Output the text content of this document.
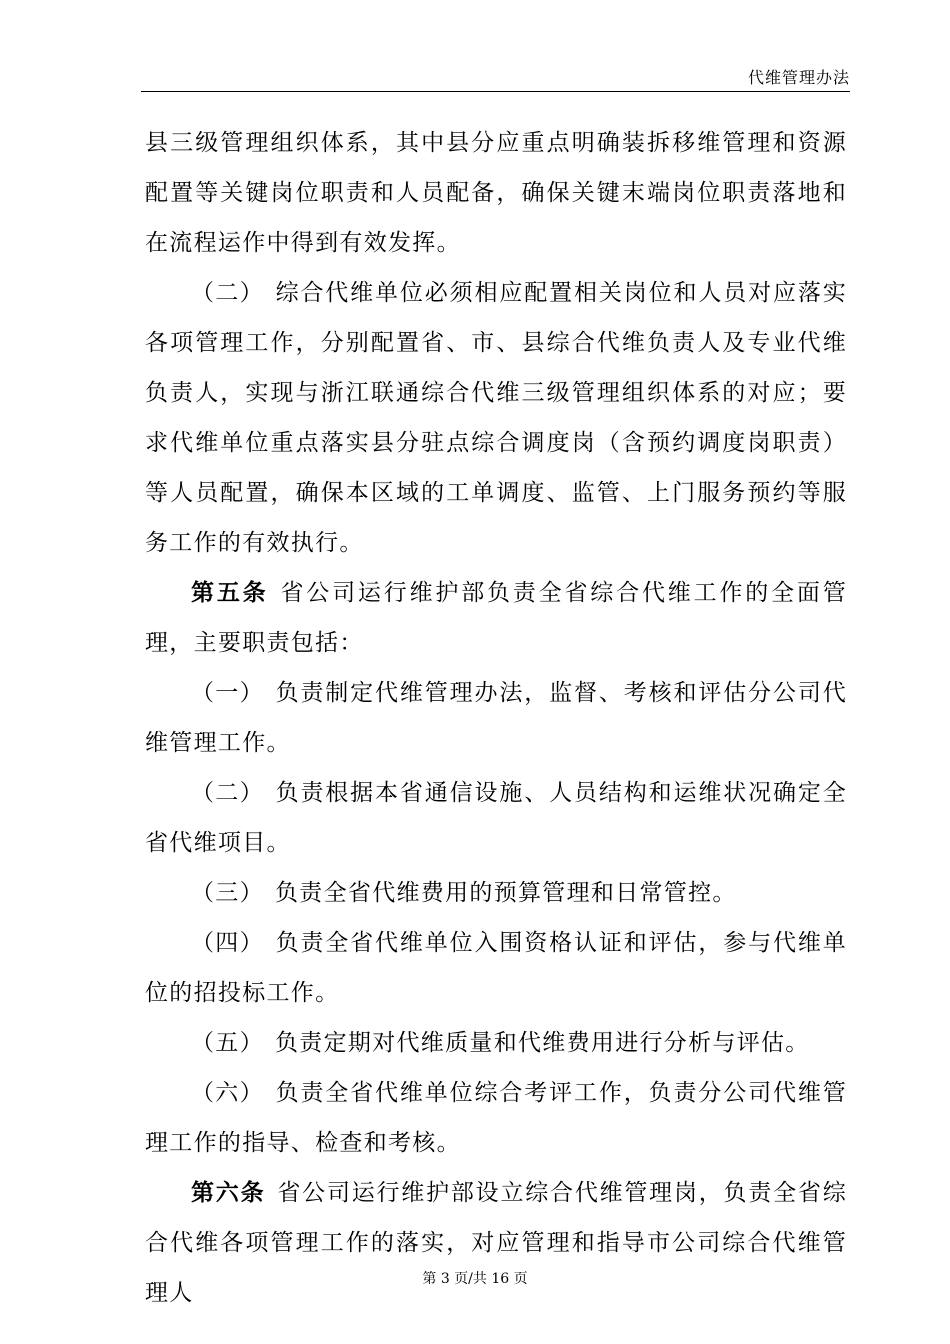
代维管理办法

县三级管理组织体系，其中县分应重点明确装拆移维管理和资源配置等关键岗位职责和人员配备，确保关键末端岗位职责落地和在流程运作中得到有效发挥。

（二） 综合代维单位必须相应配置相关岗位和人员对应落实各项管理工作，分别配置省、市、县综合代维负责人及专业代维负责人，实现与浙江联通综合代维三级管理组织体系的对应；要求代维单位重点落实县分驻点综合调度岗（含预约调度岗职责）等人员配置，确保本区域的工单调度、监管、上门服务预约等服务工作的有效执行。

第五条 省公司运行维护部负责全省综合代维工作的全面管理，主要职责包括：

（一） 负责制定代维管理办法，监督、考核和评估分公司代维管理工作。

（二） 负责根据本省通信设施、人员结构和运维状况确定全省代维项目。

（三） 负责全省代维费用的预算管理和日常管控。

（四） 负责全省代维单位入围资格认证和评估，参与代维单位的招投标工作。

（五） 负责定期对代维质量和代维费用进行分析与评估。

（六） 负责全省代维单位综合考评工作，负责分公司代维管理工作的指导、检查和考核。

第六条 省公司运行维护部设立综合代维管理岗，负责全省综合代维各项管理工作的落实，对应管理和指导市公司综合代维管理人

第 3 页/共 16 页
